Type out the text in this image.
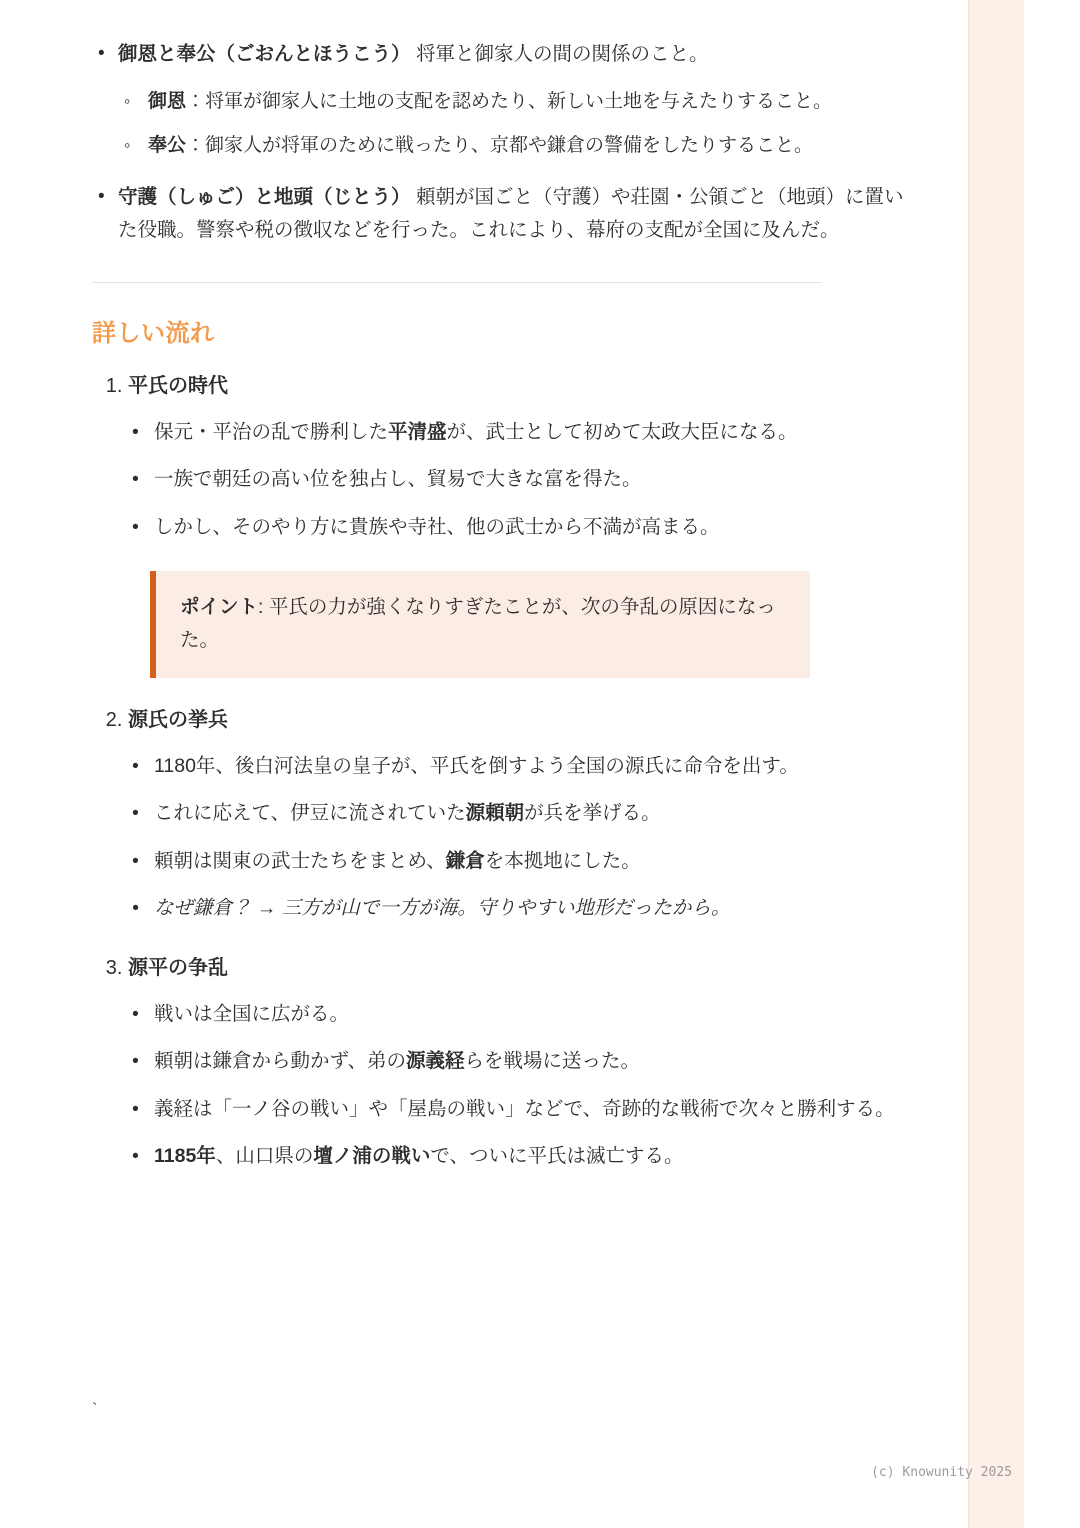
• 御恩と奉公（ごおんとほうこう） 将軍と御家人の間の関係のこと。
◦ 御恩：将軍が御家人に土地の支配を認めたり、新しい土地を与えたりすること。
◦ 奉公：御家人が将軍のために戦ったり、京都や鎌倉の警備をしたりすること。
• 守護（しゅご）と地頭（じとう） 頼朝が国ごと（守護）や荘園・公領ごと（地頭）に置いた役職。警察や税の徴収などを行った。これにより、幕府の支配が全国に及んだ。
詳しい流れ
1. 平氏の時代
• 保元・平治の乱で勝利した平清盛が、武士として初めて太政大臣になる。
• 一族で朝廷の高い位を独占し、貿易で大きな富を得た。
• しかし、そのやり方に貴族や寺社、他の武士から不満が高まる。
ポイント: 平氏の力が強くなりすぎたことが、次の争乱の原因になった。
2. 源氏の挙兵
• 1180年、後白河法皇の皇子が、平氏を倒すよう全国の源氏に命令を出す。
• これに応えて、伊豆に流されていた源頼朝が兵を挙げる。
• 頼朝は関東の武士たちをまとめ、鎌倉を本拠地にした。
• なぜ鎌倉？ → 三方が山で一方が海。守りやすい地形だったから。
3. 源平の争乱
• 戦いは全国に広がる。
• 頼朝は鎌倉から動かず、弟の源義経らを戦場に送った。
• 義経は「一ノ谷の戦い」や「屋島の戦い」などで、奇跡的な戦術で次々と勝利する。
• 1185年、山口県の壇ノ浦の戦いで、ついに平氏は滅亡する。
`
(c) Knowunity 2025
